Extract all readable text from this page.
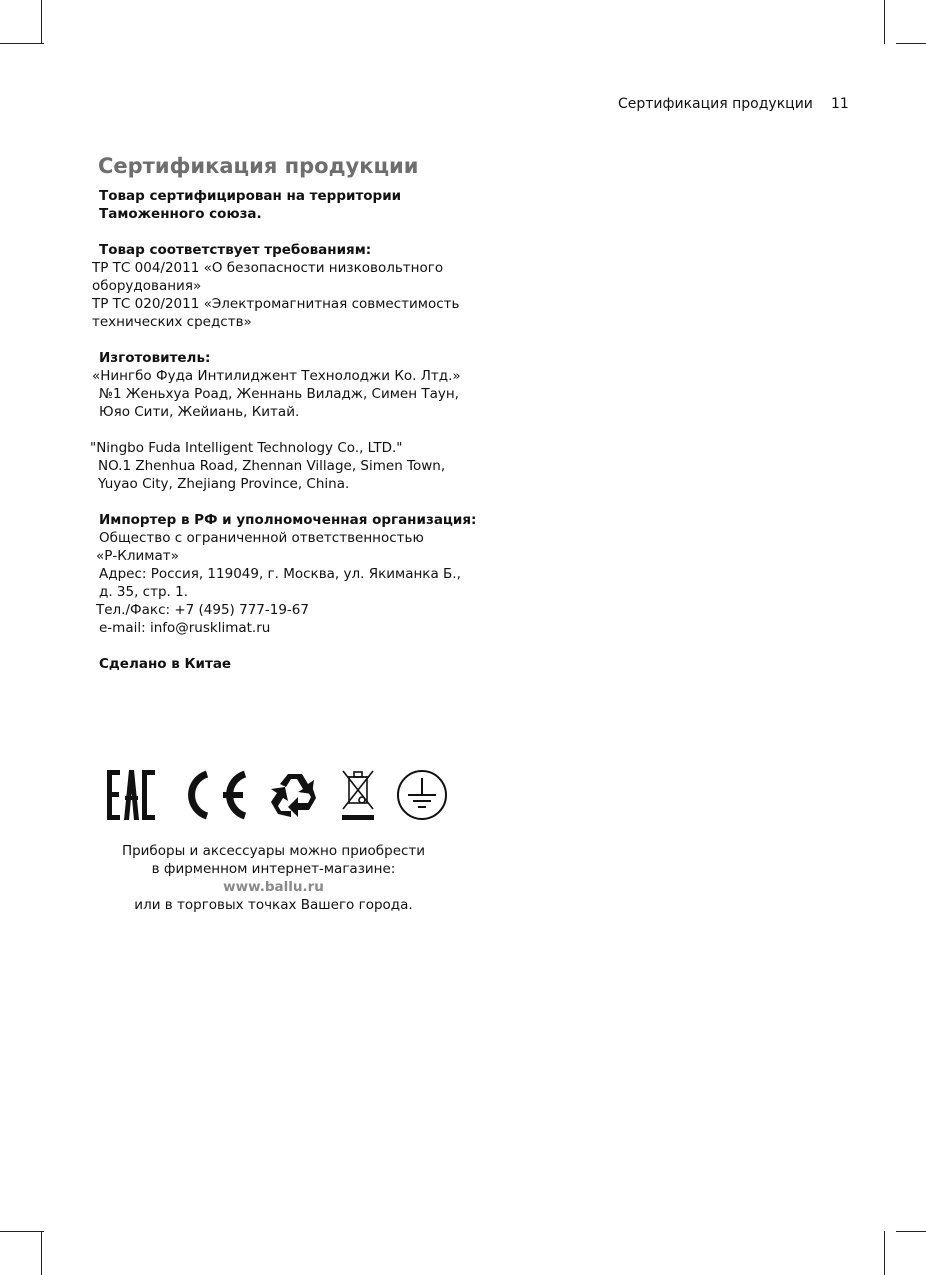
Сертификация продукции 11
Сертификация продукции

Товар сертифицирован на территории
Таможенного союза.

Товар соответствует требованиям:
ТР ТС 004/2011 «О безопасности низковольтного
оборудования»
ТР ТС 020/2011 «Электромагнитная совместимость
технических средств»

Изготовитель:
«Нингбо Фуда Интилиджент Технолоджи Ко. Лтд.»
№1 Женьхуа Роад, Женнань Виладж, Симен Таун,
Юяо Сити, Жейиань, Китай.

"Ningbo Fuda Intelligent Technology Co., LTD."
NO.1 Zhenhua Road, Zhennan Village, Simen Town,
Yuyao City, Zhejiang Province, China.

Импортер в РФ и уполномоченная организация:
Общество с ограниченной ответственностью
«Р-Климат»
Адрес: Россия, 119049, г. Москва, ул. Якиманка Б.,
д. 35, стр. 1.
Тел./Факс: +7 (495) 777-19-67
e-mail: info@rusklimat.ru

Сделано в Китае

Приборы и аксессуары можно приобрести
в фирменном интернет-магазине:
www.ballu.ru
или в торговых точках Вашего города.
